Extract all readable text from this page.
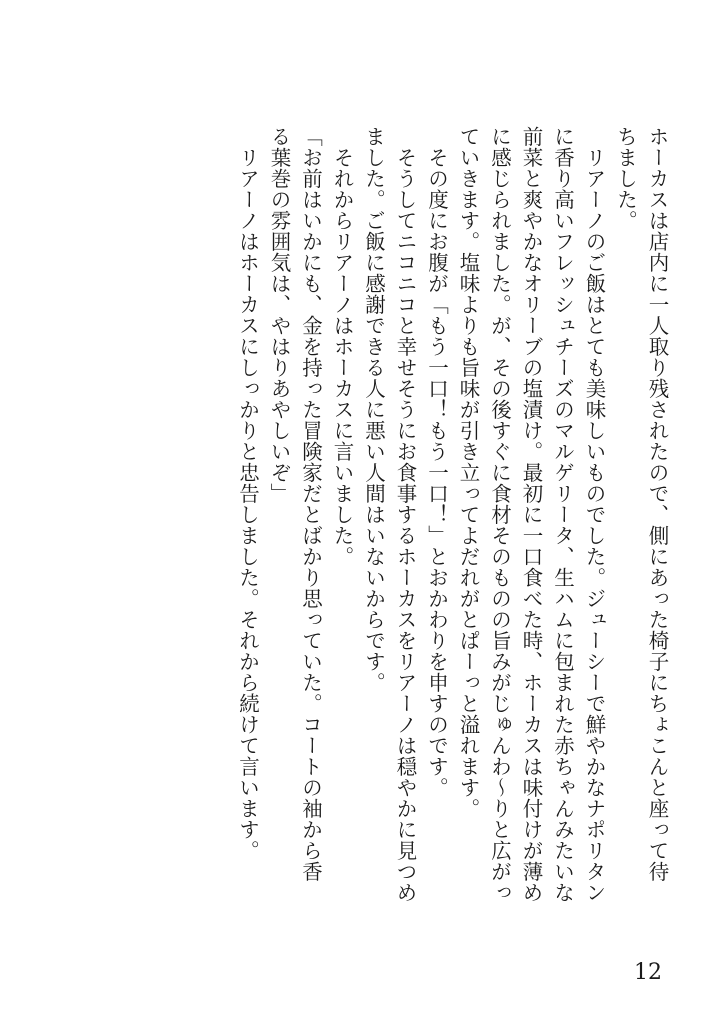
ホーカスは店内に一人取り残されたので、側にあった椅子にちょこんと座って待

ちました。

　リアーノのご飯はとても美味しいものでした。ジューシーで鮮やかなナポリタン

に香り高いフレッシュチーズのマルゲリータ、生ハムに包まれた赤ちゃんみたいな

前菜と爽やかなオリーブの塩漬け。最初に一口食べた時、ホーカスは味付けが薄め

に感じられました。が、その後すぐに食材そのものの旨みがじゅんわ〜りと広がっ

ていきます。塩味よりも旨味が引き立ってよだれがとぱーっと溢れます。

　その度にお腹が「もう一口！もう一口！」とおかわりを申すのです。

　そうしてニコニコと幸せそうにお食事するホーカスをリアーノは穏やかに見つめ

ました。ご飯に感謝できる人に悪い人間はいないからです。

　それからリアーノはホーカスに言いました。

「お前はいかにも、金を持った冒険家だとばかり思っていた。コートの袖から香

る葉巻の雰囲気は、やはりあやしいぞ」

　リアーノはホーカスにしっかりと忠告しました。それから続けて言います。

12
